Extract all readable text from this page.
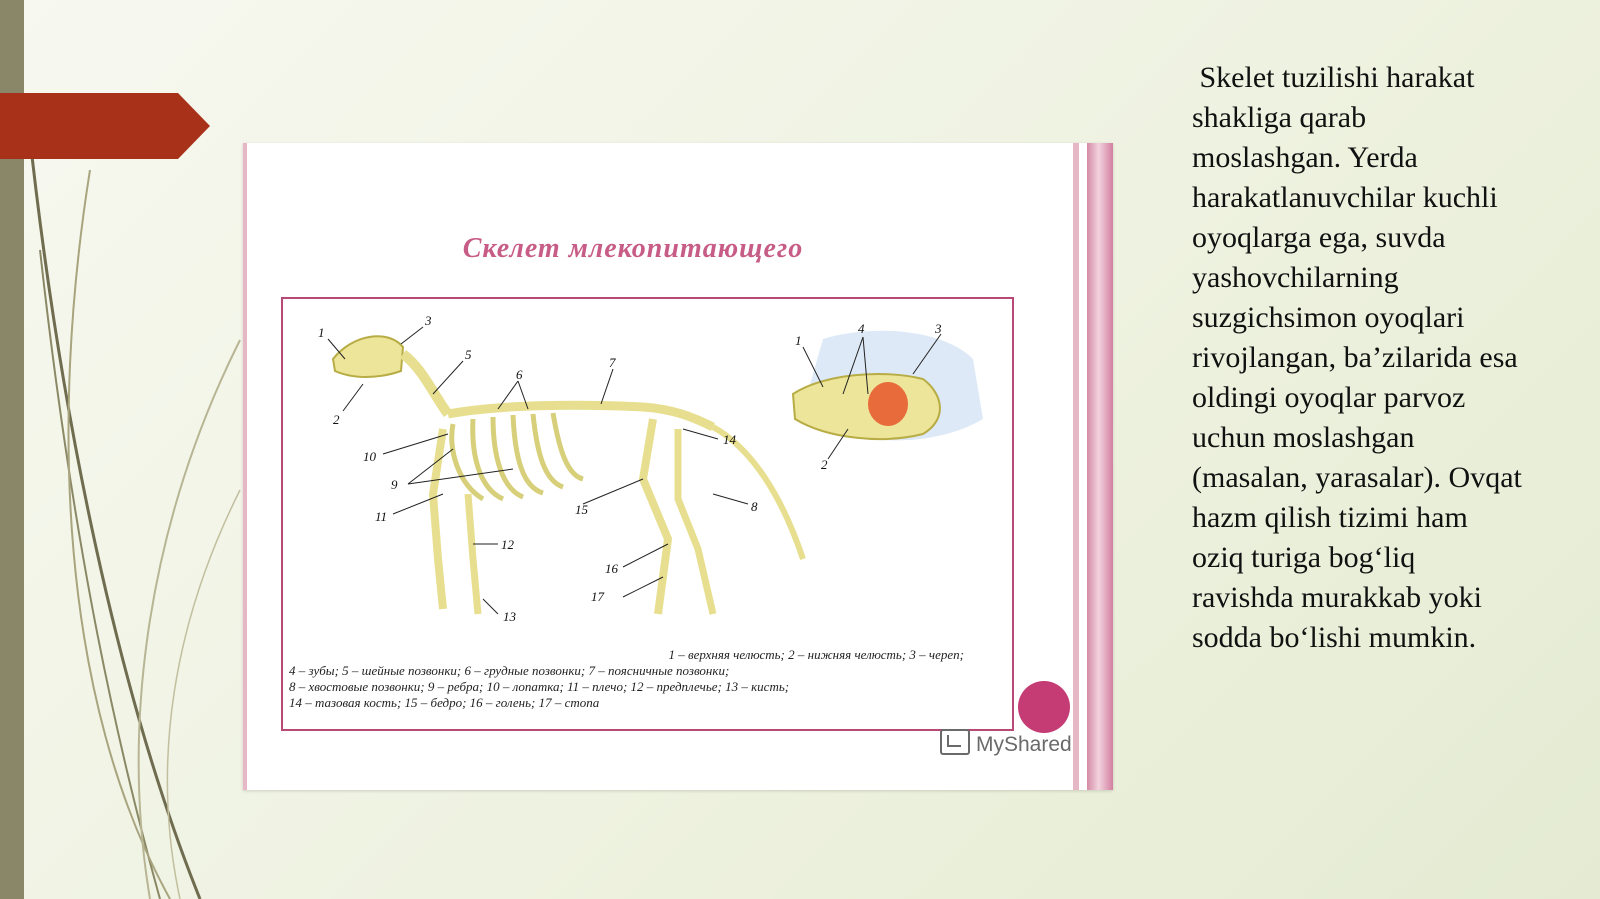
Скелет млекопитающего
1
2
3
5
6
7
8
9
10
11
12
13
14
15
16
17
1
2
3
4
1 – верхняя челюсть; 2 – нижняя челюсть; 3 – череп;
4 – зубы; 5 – шейные позвонки; 6 – грудные позвонки; 7 – поясничные позвонки;
8 – хвостовые позвонки; 9 – ребра; 10 – лопатка; 11 – плечо; 12 – предплечье; 13 – кисть;
14 – тазовая кость; 15 – бедро; 16 – голень; 17 – стопа
MyShared
Skelet tuzilishi harakat shakliga qarab moslashgan. Yerda harakatlanuvchilar kuchli oyoqlarga ega, suvda yashovchilarning suzgichsimon oyoqlari rivojlangan, ba’zilarida esa oldingi oyoqlar parvoz uchun moslashgan (masalan, yarasalar). Ovqat hazm qilish tizimi ham oziq turiga bog‘liq ravishda murakkab yoki sodda bo‘lishi mumkin.
